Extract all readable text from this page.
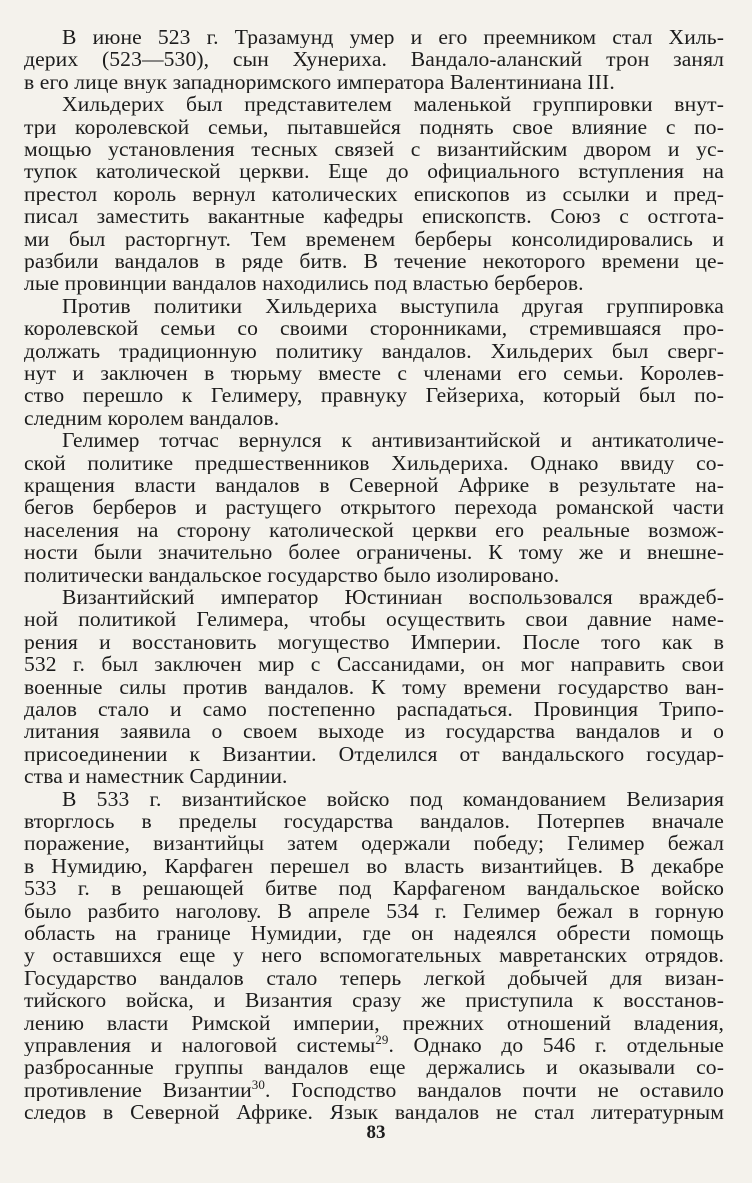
83
В июне 523 г. Тразамунд умер и его преемником стал Хиль-
дерих (523—530), сын Хунериха. Вандало-аланский трон занял
в его лице внук западноримского императора Валентиниана III.
Хильдерих был представителем маленькой группировки внут-
три королевской семьи, пытавшейся поднять свое влияние с по-
мощью установления тесных связей с византийским двором и ус-
тупок католической церкви. Еще до официального вступления на
престол король вернул католических епископов из ссылки и пред-
писал заместить вакантные кафедры епископств. Союз с остгота-
ми был расторгнут. Тем временем берберы консолидировались и
разбили вандалов в ряде битв. В течение некоторого времени це-
лые провинции вандалов находились под властью берберов.
Против политики Хильдериха выступила другая группировка
королевской семьи со своими сторонниками, стремившаяся про-
должать традиционную политику вандалов. Хильдерих был сверг-
нут и заключен в тюрьму вместе с членами его семьи. Королев-
ство перешло к Гелимеру, правнуку Гейзериха, который был по-
следним королем вандалов.
Гелимер тотчас вернулся к антивизантийской и антикатоличе-
ской политике предшественников Хильдериха. Однако ввиду со-
кращения власти вандалов в Северной Африке в результате на-
бегов берберов и растущего открытого перехода романской части
населения на сторону католической церкви его реальные возмож-
ности были значительно более ограничены. К тому же и внешне-
политически вандальское государство было изолировано.
Византийский император Юстиниан воспользовался враждеб-
ной политикой Гелимера, чтобы осуществить свои давние наме-
рения и восстановить могущество Империи. После того как в
532 г. был заключен мир с Сассанидами, он мог направить свои
военные силы против вандалов. К тому времени государство ван-
далов стало и само постепенно распадаться. Провинция Трипо-
литания заявила о своем выходе из государства вандалов и о
присоединении к Византии. Отделился от вандальского государ-
ства и наместник Сардинии.
В 533 г. византийское войско под командованием Велизария
вторглось в пределы государства вандалов. Потерпев вначале
поражение, византийцы затем одержали победу; Гелимер бежал
в Нумидию, Карфаген перешел во власть византийцев. В декабре
533 г. в решающей битве под Карфагеном вандальское войско
было разбито наголову. В апреле 534 г. Гелимер бежал в горную
область на границе Нумидии, где он надеялся обрести помощь
у оставшихся еще у него вспомогательных мавретанских отрядов.
Государство вандалов стало теперь легкой добычей для визан-
тийского войска, и Византия сразу же приступила к восстанов-
лению власти Римской империи, прежних отношений владения,
управления и налоговой системы$^{29}$. Однако до 546 г. отдельные
разбросанные группы вандалов еще держались и оказывали со-
противление Византии$^{30}$. Господство вандалов почти не оставило
следов в Северной Африке. Язык вандалов не стал литературным
